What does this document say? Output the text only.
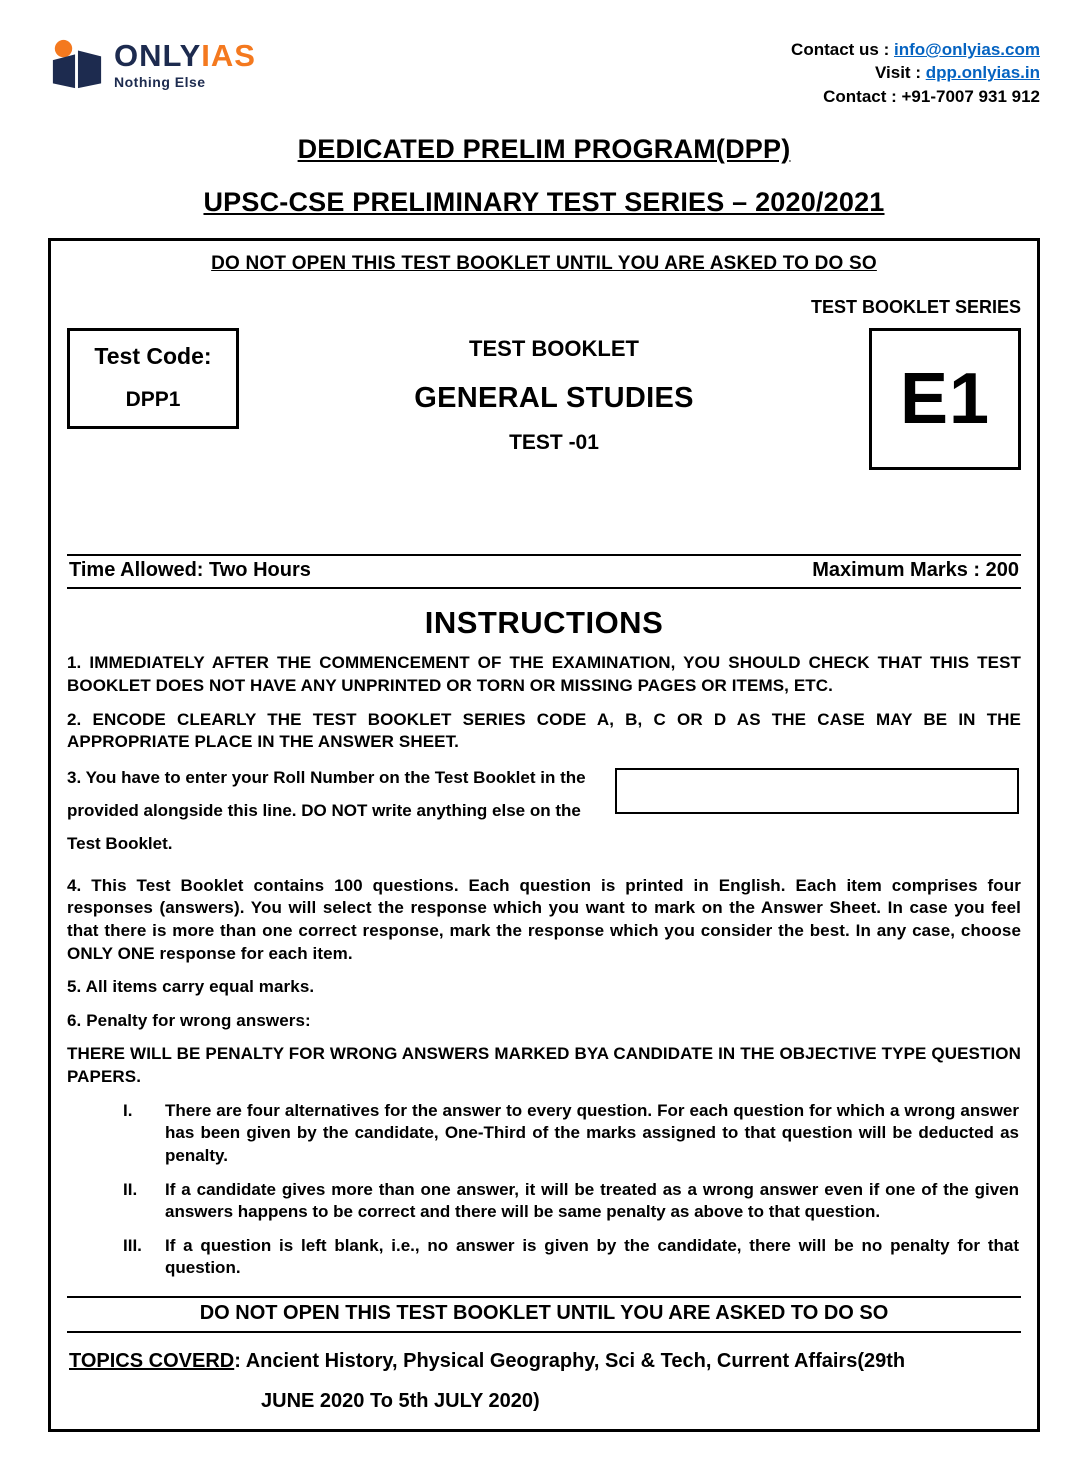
ONLYIAS
Nothing Else
Contact us : info@onlyias.com
Visit : dpp.onlyias.in
Contact : +91-7007 931 912
DEDICATED PRELIM PROGRAM(DPP)
UPSC-CSE PRELIMINARY TEST SERIES – 2020/2021
DO NOT OPEN THIS TEST BOOKLET UNTIL YOU ARE ASKED TO DO SO
TEST BOOKLET SERIES
Test Code:
DPP1
TEST BOOKLET
GENERAL STUDIES
TEST -01
E1
Time Allowed: Two Hours	Maximum Marks : 200
INSTRUCTIONS
1. IMMEDIATELY AFTER THE COMMENCEMENT OF THE EXAMINATION, YOU SHOULD CHECK THAT THIS TEST BOOKLET DOES NOT HAVE ANY UNPRINTED OR TORN OR MISSING PAGES OR ITEMS, ETC.
2. ENCODE CLEARLY THE TEST BOOKLET SERIES CODE A, B, C OR D AS THE CASE MAY BE IN THE APPROPRIATE PLACE IN THE ANSWER SHEET.
3. You have to enter your Roll Number on the Test Booklet in the
provided alongside this line. DO NOT write anything else on the
Test Booklet.
4. This Test Booklet contains 100 questions. Each question is printed in English. Each item comprises four responses (answers). You will select the response which you want to mark on the Answer Sheet. In case you feel that there is more than one correct response, mark the response which you consider the best. In any case, choose ONLY ONE response for each item.
5. All items carry equal marks.
6. Penalty for wrong answers:
THERE WILL BE PENALTY FOR WRONG ANSWERS MARKED BYA CANDIDATE IN THE OBJECTIVE TYPE QUESTION PAPERS.
I.	There are four alternatives for the answer to every question. For each question for which a wrong answer has been given by the candidate, One-Third of the marks assigned to that question will be deducted as penalty.
II.	If a candidate gives more than one answer, it will be treated as a wrong answer even if one of the given answers happens to be correct and there will be same penalty as above to that question.
III.	If a question is left blank, i.e., no answer is given by the candidate, there will be no penalty for that question.
DO NOT OPEN THIS TEST BOOKLET UNTIL YOU ARE ASKED TO DO SO
TOPICS COVERD: Ancient History, Physical Geography, Sci & Tech, Current Affairs(29th
JUNE 2020 To 5th JULY 2020)
